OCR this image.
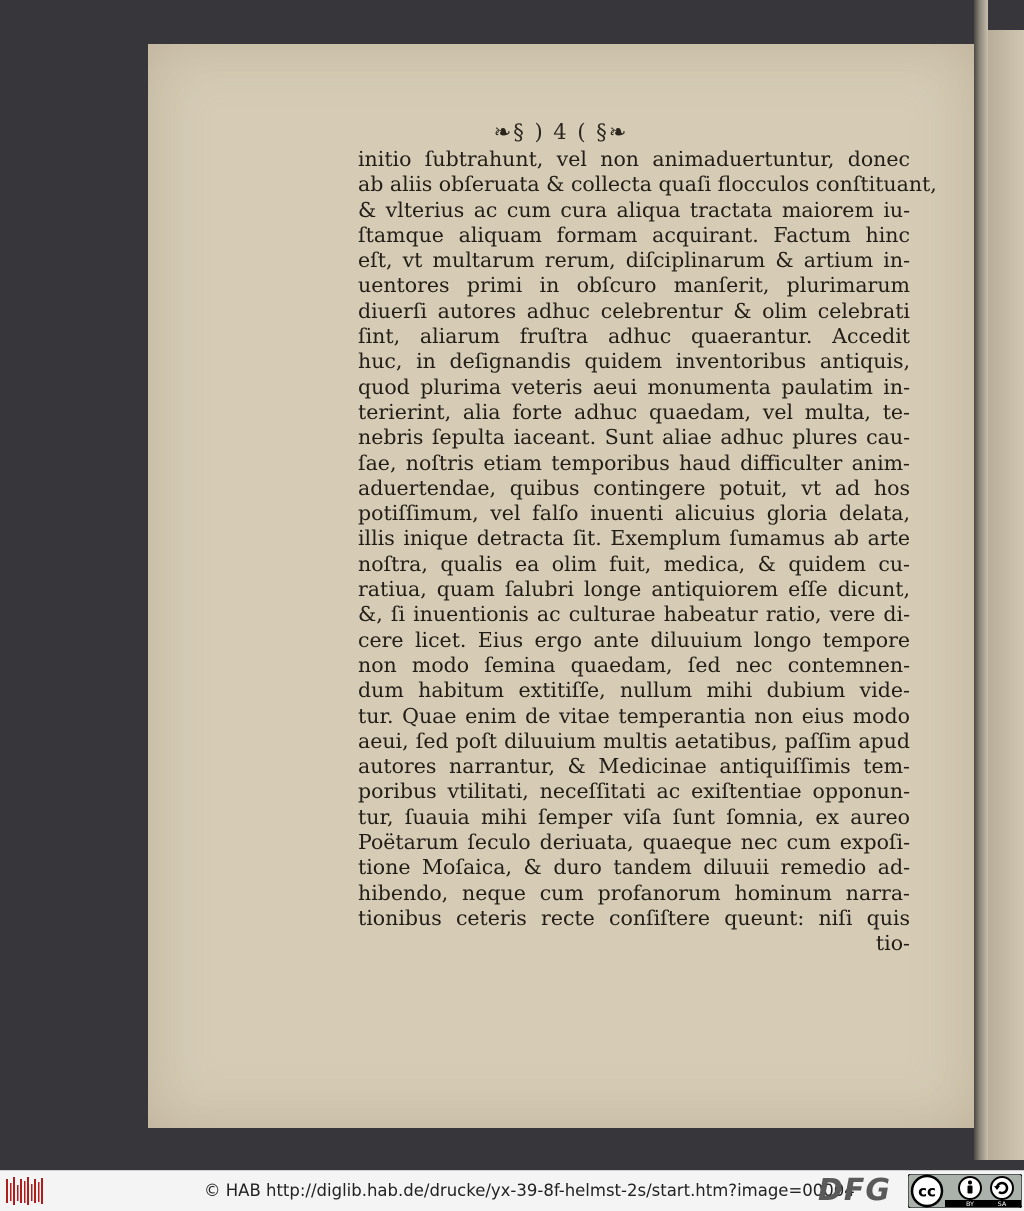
❧§ ) 4 ( §❧
initio ſubtrahunt, vel non animaduertuntur, donec
ab aliis obſeruata & collecta quaſi flocculos conſtituant,
& vlterius ac cum cura aliqua tractata maiorem iu-
ſtamque aliquam formam acquirant. Factum hinc
eſt, vt multarum rerum, diſciplinarum & artium in-
uentores primi in obſcuro manſerit, plurimarum
diuerſi autores adhuc celebrentur & olim celebrati
ſint, aliarum fruſtra adhuc quaerantur. Accedit
huc, in deſignandis quidem inventoribus antiquis,
quod plurima veteris aeui monumenta paulatim in-
terierint, alia forte adhuc quaedam, vel multa, te-
nebris ſepulta iaceant. Sunt aliae adhuc plures cau-
ſae, noſtris etiam temporibus haud difficulter anim-
aduertendae, quibus contingere potuit, vt ad hos
potiſſimum, vel falſo inuenti alicuius gloria delata,
illis inique detracta ſit. Exemplum ſumamus ab arte
noſtra, qualis ea olim fuit, medica, & quidem cu-
ratiua, quam ſalubri longe antiquiorem eſſe dicunt,
&, ſi inuentionis ac culturae habeatur ratio, vere di-
cere licet. Eius ergo ante diluuium longo tempore
non modo ſemina quaedam, ſed nec contemnen-
dum habitum extitiſſe, nullum mihi dubium vide-
tur. Quae enim de vitae temperantia non eius modo
aeui, ſed poſt diluuium multis aetatibus, paſſim apud
autores narrantur, & Medicinae antiquiſſimis tem-
poribus vtilitati, neceſſitati ac exiſtentiae opponun-
tur, ſuauia mihi ſemper viſa ſunt ſomnia, ex aureo
Poëtarum ſeculo deriuata, quaeque nec cum expoſi-
tione Moſaica, & duro tandem diluuii remedio ad-
hibendo, neque cum profanorum hominum narra-
tionibus ceteris recte conſiſtere queunt: niſi quis
tio-
© HAB http://diglib.hab.de/drucke/yx-39-8f-helmst-2s/start.htm?image=00004
DFG cc
BY	SA
